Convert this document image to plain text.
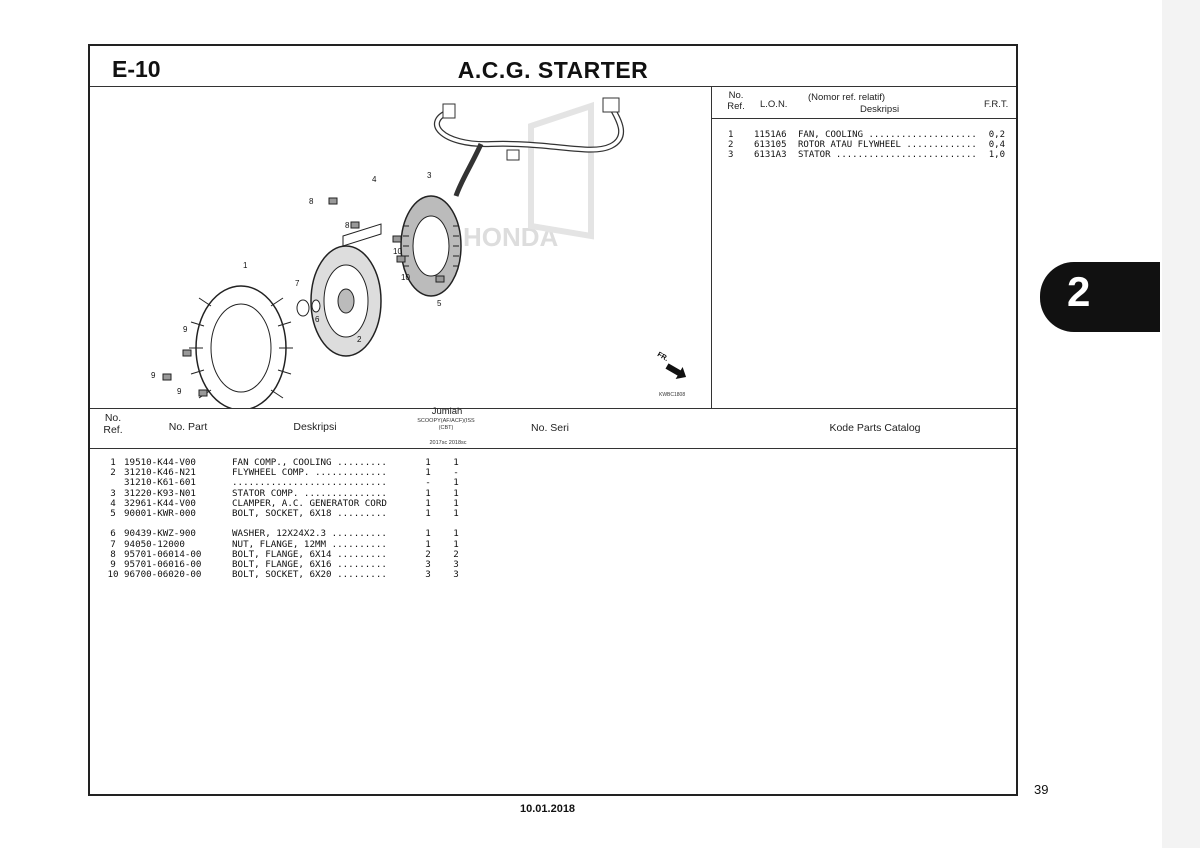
E-10	A.C.G. STARTER
No. Ref.	L.O.N.
(Nomor ref. relatif)
Deskripsi	F.R.T.
1	1151A6	FAN, COOLING ....................	0,2
2	613105	ROTOR ATAU FLYWHEEL .............	0,4
3	6131A3	STATOR ..........................	1,0
HONDA
1
2
3
4
5
6
7
8
8
9
9
9
10
10
FR.
KWBC1808
No. Ref.	No. Part	Deskripsi
Jumlah
SCOOPY(AF/ACF)(ISS (CBT)
2017sc 2018sc
No. Seri	Kode Parts Catalog
1 19510-K44-V00	FAN COMP., COOLING .........	1	1
2 31210-K46-N21	FLYWHEEL COMP. .............	1	-
31210-K61-601	............................	-	1
3 31220-K93-N01	STATOR COMP. ...............	1	1
4 32961-K44-V00	CLAMPER, A.C. GENERATOR CORD	1	1
5 90001-KWR-000	BOLT, SOCKET, 6X18 .........	1	1
6 90439-KWZ-900	WASHER, 12X24X2.3 ..........	1	1
7 94050-12000	NUT, FLANGE, 12MM ..........	1	1
8 95701-06014-00	BOLT, FLANGE, 6X14 .........	2	2
9 95701-06016-00	BOLT, FLANGE, 6X16 .........	3	3
10 96700-06020-00	BOLT, SOCKET, 6X20 .........	3	3
2
39
10.01.2018
